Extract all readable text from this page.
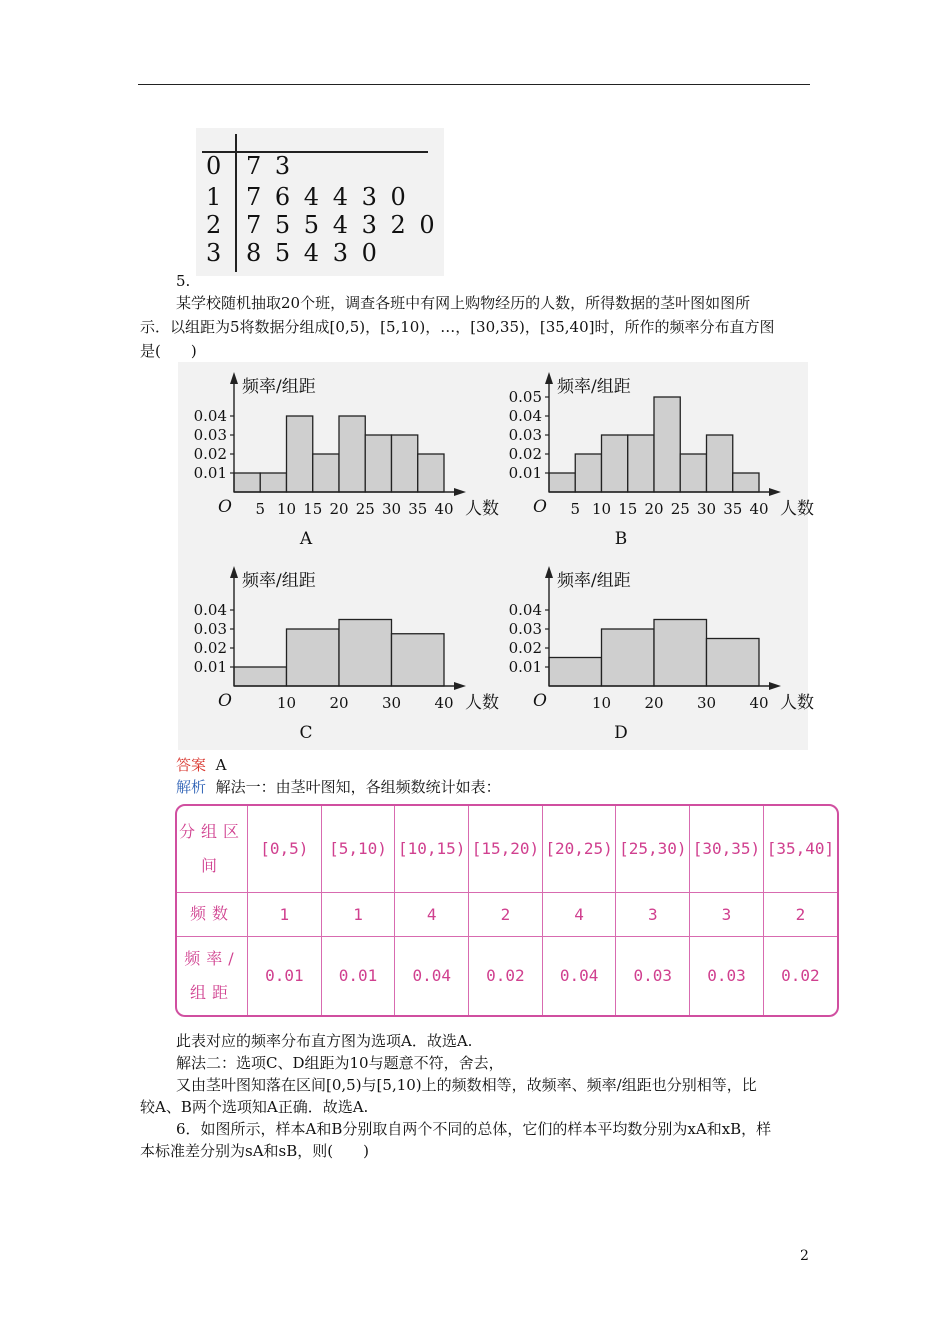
0	7 3
1	7 6 4 4 3 0
2	7 5 5 4 3 2 0
3	8 5 4 3 0
5.
某学校随机抽取20个班，调查各班中有网上购物经历的人数，所得数据的茎叶图如图所
示．以组距为5将数据分组成[0,5)，[5,10)，…，[30,35)，[35,40]时，所作的频率分布直方图
是(　　)
0.01
0.02
0.03
0.04
5 10 15 20 25 30 35 40
O	人数
频率/组距
A
0.01
0.02
0.03
0.04
0.05
5 10 15 20 25 30 35 40
O	人数
频率/组距
B
0.01
0.02
0.03
0.04
10 20 30 40
O	人数
频率/组距
C
0.01
0.02
0.03
0.04
10 20 30 40
O	人数
频率/组距
D
答案 A
解析 解法一：由茎叶图知，各组频数统计如表：
分组区间	[0,5)	[5,10)	[10,15)	[15,20)	[20,25)	[25,30)	[30,35)	[35,40]
频数	1	1	4	2	4	3	3	2
频率/组距	0.01	0.01	0.04	0.02	0.04	0.03	0.03	0.02
此表对应的频率分布直方图为选项A．故选A.
解法二：选项C、D组距为10与题意不符，舍去，
又由茎叶图知落在区间[0,5)与[5,10)上的频数相等，故频率、频率/组距也分别相等，比
较A、B两个选项知A正确．故选A.
6．如图所示，样本A和B分别取自两个不同的总体，它们的样本平均数分别为xA和xB，样
本标准差分别为sA和sB，则(　　)
2
